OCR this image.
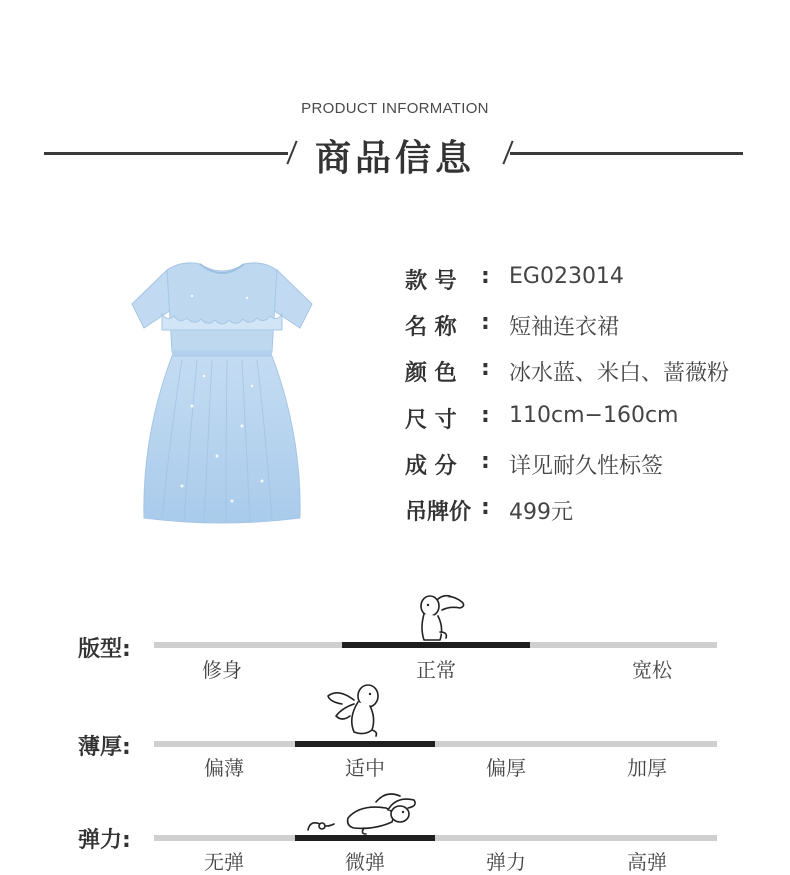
PRODUCT INFORMATION
商品信息
款 号	: EG023014
名 称	: 短袖连衣裙
颜 色	: 冰水蓝、米白、蔷薇粉
尺 寸	: 110cm−160cm
成 分	: 详见耐久性标签
吊牌价 : 499元
版型:
修身	正常	宽松
薄厚:
偏薄	适中	偏厚	加厚
弹力:
无弹	微弹	弹力	高弹
